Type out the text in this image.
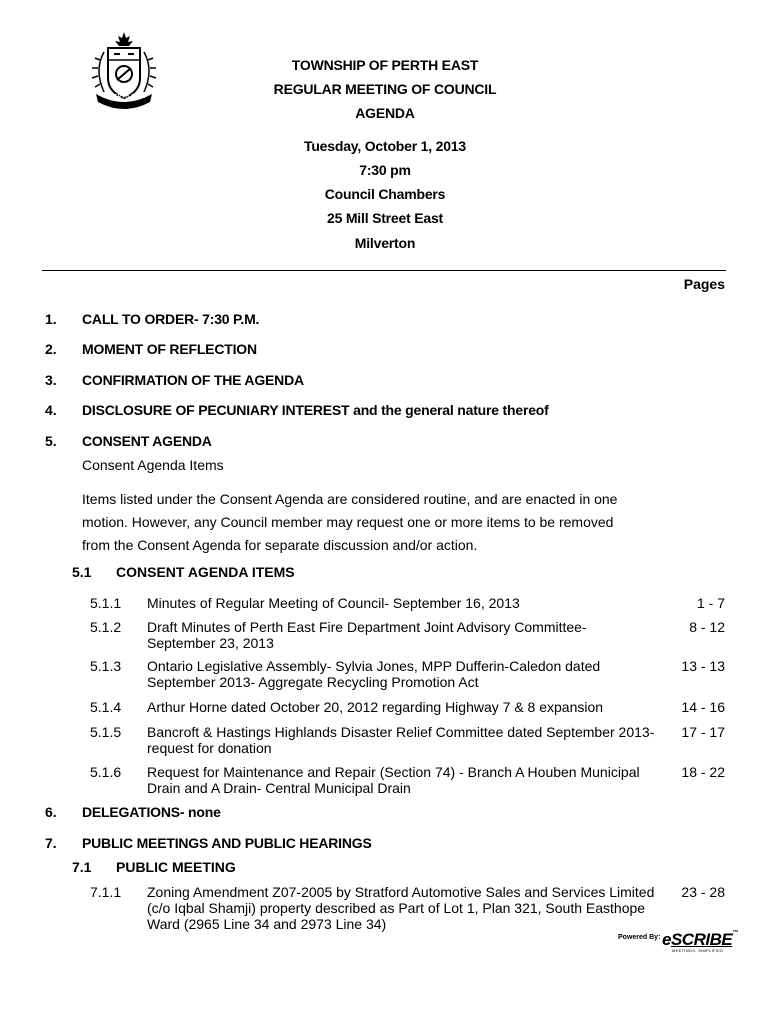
PERTH EAST
TOWNSHIP OF PERTH EAST
REGULAR MEETING OF COUNCIL
AGENDA
Tuesday, October 1, 2013
7:30 pm
Council Chambers
25 Mill Street East
Milverton
Pages
1. CALL TO ORDER- 7:30 P.M.
2. MOMENT OF REFLECTION
3. CONFIRMATION OF THE AGENDA
4. DISCLOSURE OF PECUNIARY INTEREST and the general nature thereof
5. CONSENT AGENDA
Consent Agenda Items
Items listed under the Consent Agenda are considered routine, and are enacted in one motion. However, any Council member may request one or more items to be removed from the Consent Agenda for separate discussion and/or action.
5.1 CONSENT AGENDA ITEMS
5.1.1 Minutes of Regular Meeting of Council- September 16, 2013	1 - 7
5.1.2 Draft Minutes of Perth East Fire Department Joint Advisory Committee- September 23, 2013
8 - 12
5.1.3 Ontario Legislative Assembly- Sylvia Jones, MPP Dufferin-Caledon dated September 2013- Aggregate Recycling Promotion Act
13 - 13
5.1.4 Arthur Horne dated October 20, 2012 regarding Highway 7 & 8 expansion	14 - 16
5.1.5 Bancroft & Hastings Highlands Disaster Relief Committee dated September 2013- request for donation
17 - 17
5.1.6 Request for Maintenance and Repair (Section 74) - Branch A Houben Municipal Drain and A Drain- Central Municipal Drain
18 - 22
6. DELEGATIONS- none
7. PUBLIC MEETINGS AND PUBLIC HEARINGS
7.1 PUBLIC MEETING
7.1.1 Zoning Amendment Z07-2005 by Stratford Automotive Sales and Services Limited (c/o Iqbal Shamji) property described as Part of Lot 1, Plan 321, South Easthope Ward (2965 Line 34 and 2973 Line 34)
23 - 28
Powered By: eSCRIBE™
MEETINGS, SIMPLIFIED
